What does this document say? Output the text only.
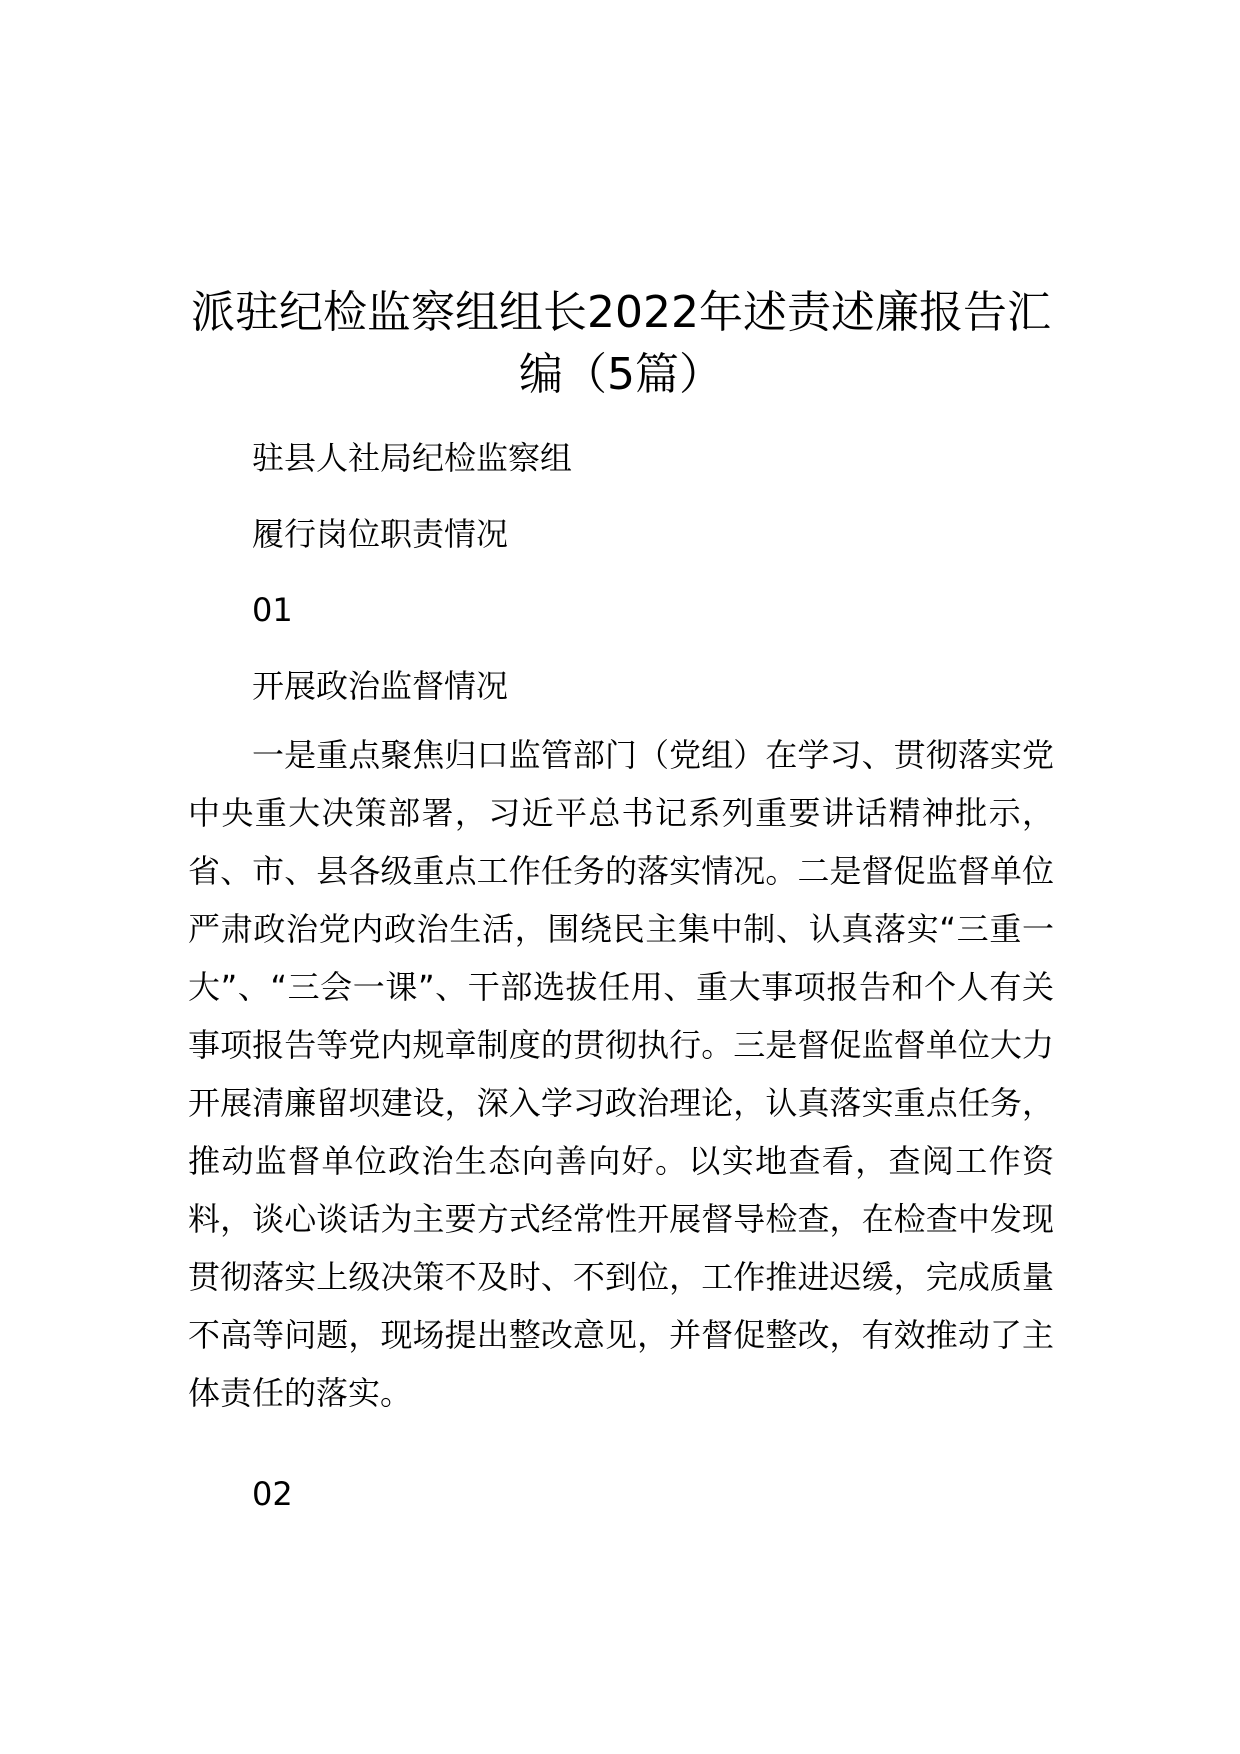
派驻纪检监察组组长2022年述责述廉报告汇编（5篇）

驻县人社局纪检监察组

履行岗位职责情况

01

开展政治监督情况

一是重点聚焦归口监管部门（党组）在学习、贯彻落实党中央重大决策部署，习近平总书记系列重要讲话精神批示，省、市、县各级重点工作任务的落实情况。二是督促监督单位严肃政治党内政治生活，围绕民主集中制、认真落实“三重一大”、“三会一课”、干部选拔任用、重大事项报告和个人有关事项报告等党内规章制度的贯彻执行。三是督促监督单位大力开展清廉留坝建设，深入学习政治理论，认真落实重点任务，推动监督单位政治生态向善向好。以实地查看，查阅工作资料，谈心谈话为主要方式经常性开展督导检查，在检查中发现贯彻落实上级决策不及时、不到位，工作推进迟缓，完成质量不高等问题，现场提出整改意见，并督促整改，有效推动了主体责任的落实。

02
